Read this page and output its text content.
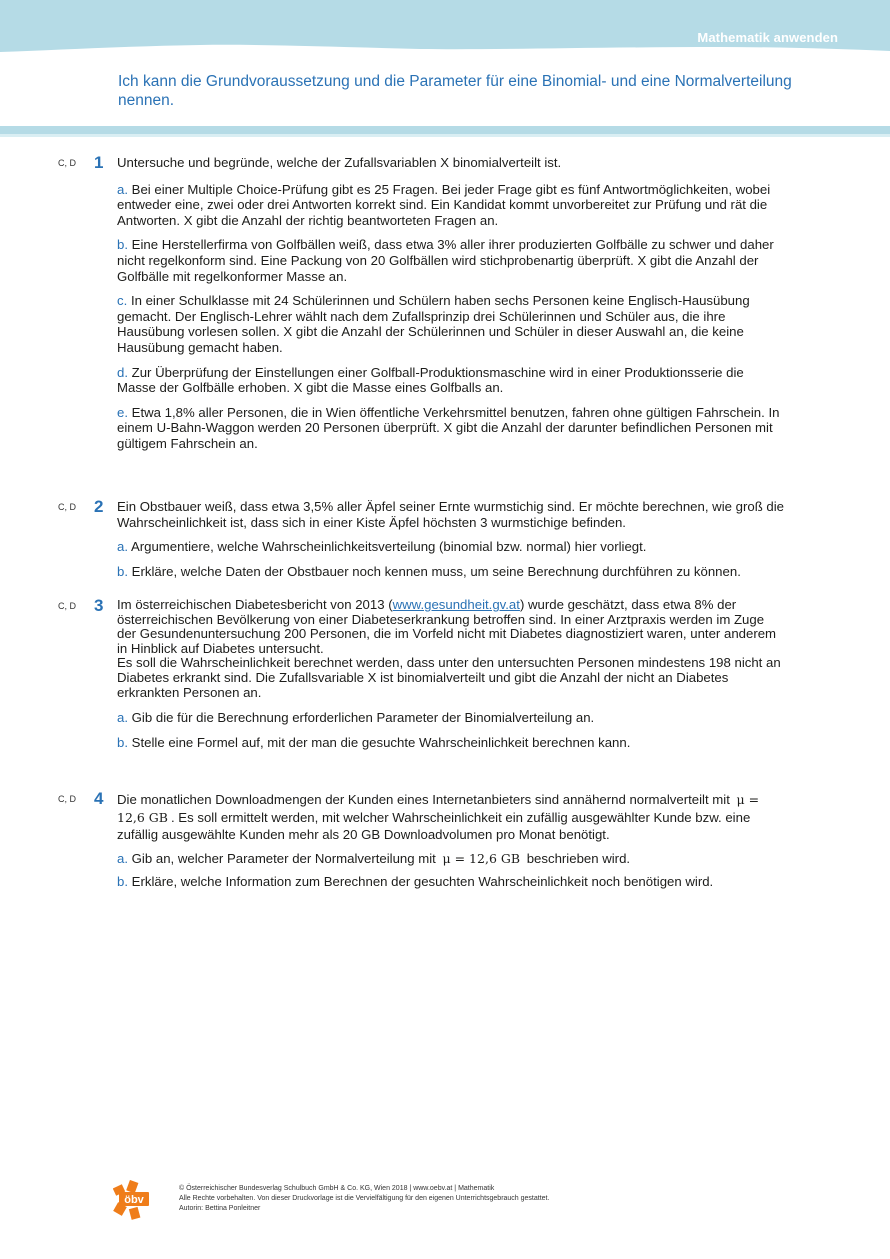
Mathematik anwenden
Ich kann die Grundvoraussetzung und die Parameter für eine Binomial- und eine Normalverteilung nennen.
C, D 1 Untersuche und begründe, welche der Zufallsvariablen X binomialverteilt ist.
a. Bei einer Multiple Choice-Prüfung gibt es 25 Fragen. Bei jeder Frage gibt es fünf Antwortmöglichkeiten, wobei entweder eine, zwei oder drei Antworten korrekt sind. Ein Kandidat kommt unvorbereitet zur Prüfung und rät die Antworten. X gibt die Anzahl der richtig beantworteten Fragen an.
b. Eine Herstellerfirma von Golfbällen weiß, dass etwa 3% aller ihrer produzierten Golfbälle zu schwer und daher nicht regelkonform sind. Eine Packung von 20 Golfbällen wird stichprobenartig überprüft. X gibt die Anzahl der Golfbälle mit regelkonformer Masse an.
c. In einer Schulklasse mit 24 Schülerinnen und Schülern haben sechs Personen keine Englisch-Hausübung gemacht. Der Englisch-Lehrer wählt nach dem Zufallsprinzip drei Schülerinnen und Schüler aus, die ihre Hausübung vorlesen sollen. X gibt die Anzahl der Schülerinnen und Schüler in dieser Auswahl an, die keine Hausübung gemacht haben.
d. Zur Überprüfung der Einstellungen einer Golfball-Produktionsmaschine wird in einer Produktionsserie die Masse der Golfbälle erhoben. X gibt die Masse eines Golfballs an.
e. Etwa 1,8% aller Personen, die in Wien öffentliche Verkehrsmittel benutzen, fahren ohne gültigen Fahrschein. In einem U-Bahn-Waggon werden 20 Personen überprüft. X gibt die Anzahl der darunter befindlichen Personen mit gültigem Fahrschein an.
C, D 2 Ein Obstbauer weiß, dass etwa 3,5% aller Äpfel seiner Ernte wurmstichig sind. Er möchte berechnen, wie groß die Wahrscheinlichkeit ist, dass sich in einer Kiste Äpfel höchsten 3 wurmstichige befinden.
a. Argumentiere, welche Wahrscheinlichkeitsverteilung (binomial bzw. normal) hier vorliegt.
b. Erkläre, welche Daten der Obstbauer noch kennen muss, um seine Berechnung durchführen zu können.
C, D 3 Im österreichischen Diabetesbericht von 2013 (www.gesundheit.gv.at) wurde geschätzt, dass etwa 8% der österreichischen Bevölkerung von einer Diabeteserkrankung betroffen sind. In einer Arztpraxis werden im Zuge der Gesundenuntersuchung 200 Personen, die im Vorfeld nicht mit Diabetes diagnostiziert waren, unter anderem in Hinblick auf Diabetes untersucht.
Es soll die Wahrscheinlichkeit berechnet werden, dass unter den untersuchten Personen mindestens 198 nicht an Diabetes erkrankt sind. Die Zufallsvariable X ist binomialverteilt und gibt die Anzahl der nicht an Diabetes erkrankten Personen an.
a. Gib die für die Berechnung erforderlichen Parameter der Binomialverteilung an.
b. Stelle eine Formel auf, mit der man die gesuchte Wahrscheinlichkeit berechnen kann.
C, D 4 Die monatlichen Downloadmengen der Kunden eines Internetanbieters sind annähernd normalverteilt mit μ = 12,6 GB . Es soll ermittelt werden, mit welcher Wahrscheinlichkeit ein zufällig ausgewählter Kunde bzw. eine zufällig ausgewählte Kunden mehr als 20 GB Downloadvolumen pro Monat benötigt.
a. Gib an, welcher Parameter der Normalverteilung mit μ = 12,6 GB beschrieben wird.
b. Erkläre, welche Information zum Berechnen der gesuchten Wahrscheinlichkeit noch benötigen wird.
öbv
© Österreichischer Bundesverlag Schulbuch GmbH & Co. KG, Wien 2018 | www.oebv.at | Mathematik
Alle Rechte vorbehalten. Von dieser Druckvorlage ist die Vervielfältigung für den eigenen Unterrichtsgebrauch gestattet.
Autorin: Bettina Ponleitner
